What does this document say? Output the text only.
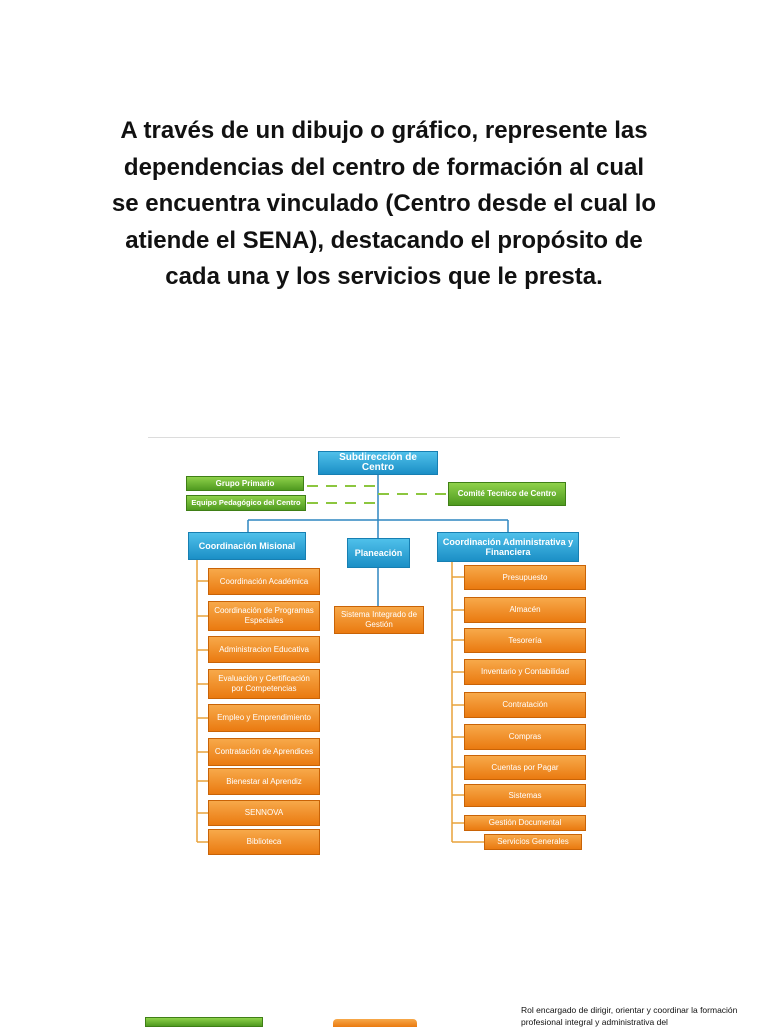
A través de un dibujo o gráfico, represente las dependencias del centro de formación al cual se encuentra vinculado (Centro desde el cual lo atiende el SENA), destacando el propósito de cada una y los servicios que le presta.
Subdirección de Centro
Grupo Primario
Equipo Pedagógico del Centro
Comité Tecnico de Centro
Coordinación Misional
Planeación
Coordinación Administrativa y Financiera
Coordinación Académica
Coordinación de Programas Especiales
Administracion Educativa
Evaluación y Certificación por Competencias
Empleo y Emprendimiento
Contratación de Aprendices
Bienestar al Aprendiz
SENNOVA
Biblioteca
Sistema Integrado de Gestión
Presupuesto
Almacén
Tesorería
Inventario y Contabilidad
Contratación
Compras
Cuentas por Pagar
Sistemas
Gestión Documental
Servicios Generales
Rol encargado de dirigir, orientar y coordinar la formación profesional integral y administrativa del
